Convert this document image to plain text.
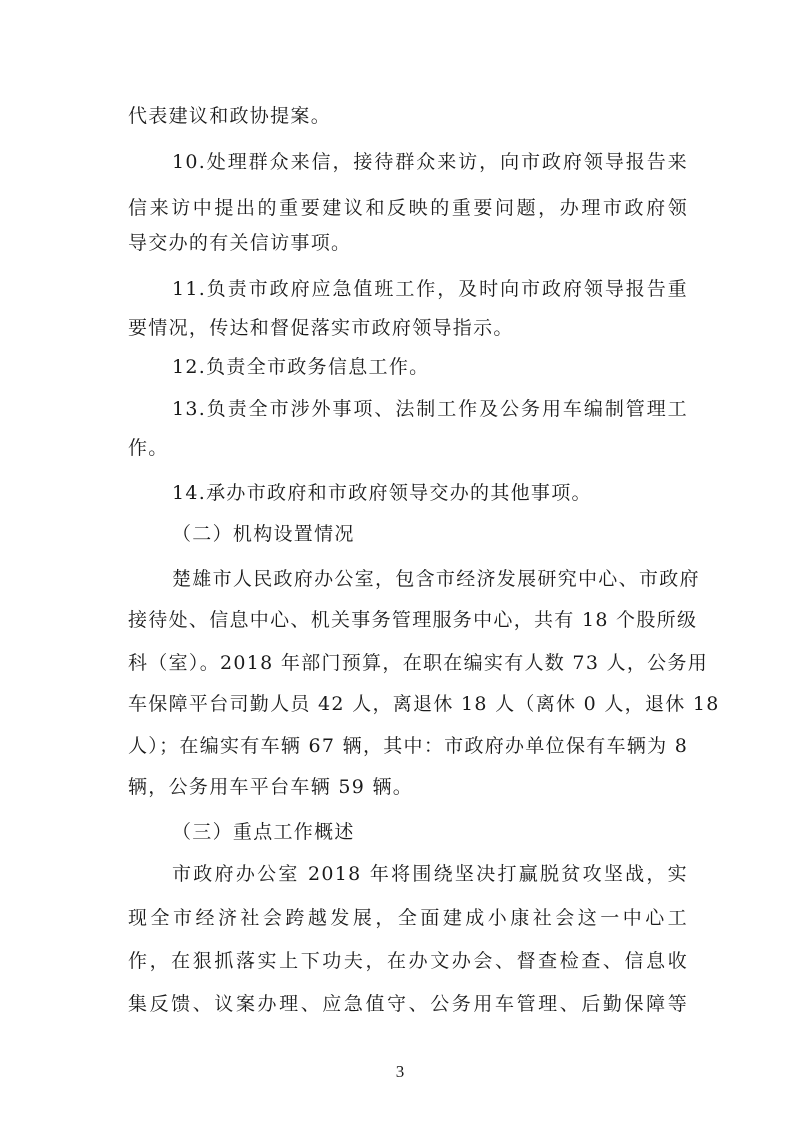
代表建议和政协提案。
10.处理群众来信，接待群众来访，向市政府领导报告来
信来访中提出的重要建议和反映的重要问题，办理市政府领
导交办的有关信访事项。
11.负责市政府应急值班工作，及时向市政府领导报告重
要情况，传达和督促落实市政府领导指示。
12.负责全市政务信息工作。
13.负责全市涉外事项、法制工作及公务用车编制管理工
作。
14.承办市政府和市政府领导交办的其他事项。
（二）机构设置情况
楚雄市人民政府办公室，包含市经济发展研究中心、市政府
接待处、信息中心、机关事务管理服务中心，共有 18 个股所级
科（室）。2018 年部门预算，在职在编实有人数 73 人，公务用
车保障平台司勤人员 42 人，离退休 18 人（离休 0 人，退休 18
人）；在编实有车辆 67 辆，其中：市政府办单位保有车辆为 8
辆，公务用车平台车辆 59 辆。
（三）重点工作概述
市政府办公室 2018 年将围绕坚决打赢脱贫攻坚战，实
现全市经济社会跨越发展，全面建成小康社会这一中心工
作，在狠抓落实上下功夫，在办文办会、督查检查、信息收
集反馈、议案办理、应急值守、公务用车管理、后勤保障等
3
